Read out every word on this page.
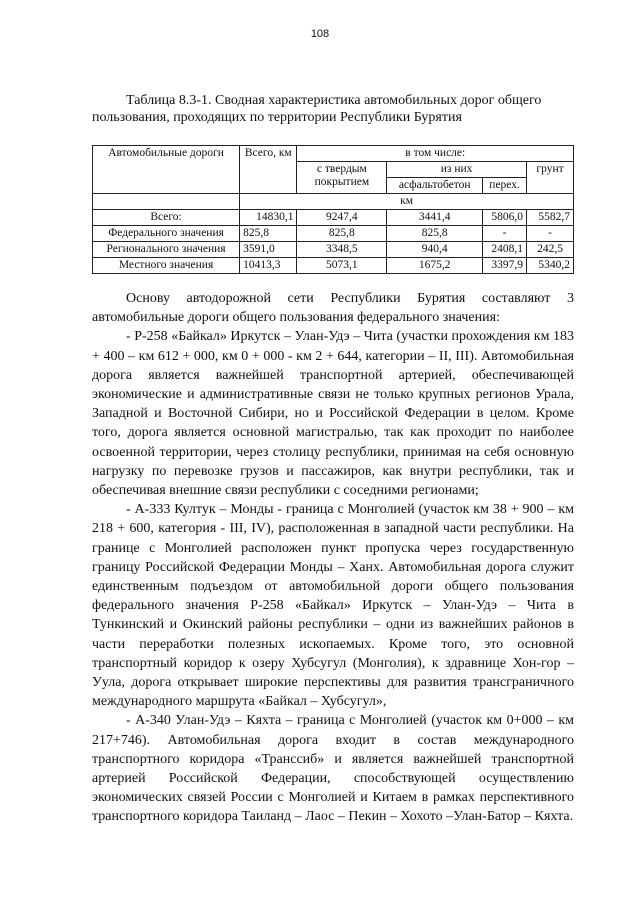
108

Таблица 8.3-1. Сводная характеристика автомобильных дорог общего пользования, проходящих по территории Республики Бурятия

Автомобильные дороги	Всего, км	в том числе:			
		с твердым покрытием	из них		грунт
			асфальтобетон	перех.	
	км				
Всего:	14830,1	9247,4	3441,4	5806,0	5582,7
Федерального значения	825,8	825,8	825,8	-	-
Регионального значения	3591,0	3348,5	940,4	2408,1	242,5
Местного значения	10413,3	5073,1	1675,2	3397,9	5340,2

Основу автодорожной сети Республики Бурятия составляют 3 автомобильные дороги общего пользования федерального значения:

- Р-258 «Байкал» Иркутск – Улан-Удэ – Чита (участки прохождения км 183 + 400 – км 612 + 000, км 0 + 000 - км 2 + 644, категории – II, III). Автомобильная дорога является важнейшей транспортной артерией, обеспечивающей экономические и административные связи не только крупных регионов Урала, Западной и Восточной Сибири, но и Российской Федерации в целом. Кроме того, дорога является основной магистралью, так как проходит по наиболее освоенной территории, через столицу республики, принимая на себя основную нагрузку по перевозке грузов и пассажиров, как внутри республики, так и обеспечивая внешние связи республики с соседними регионами;

- А-333 Култук – Монды - граница с Монголией (участок км 38 + 900 – км 218 + 600, категория - III, IV), расположенная в западной части республики. На границе с Монголией расположен пункт пропуска через государственную границу Российской Федерации Монды – Ханх. Автомобильная дорога служит единственным подъездом от автомобильной дороги общего пользования федерального значения Р-258 «Байкал» Иркутск – Улан-Удэ – Чита в Тункинский и Окинский районы республики – одни из важнейших районов в части переработки полезных ископаемых. Кроме того, это основной транспортный коридор к озеру Хубсугул (Монголия), к здравнице Хон-гор – Уула, дорога открывает широкие перспективы для развития трансграничного международного маршрута «Байкал – Хубсугул»,

- А-340 Улан-Удэ – Кяхта – граница с Монголией (участок км 0+000 – км 217+746). Автомобильная дорога входит в состав международного транспортного коридора «Транссиб» и является важнейшей транспортной артерией Российской Федерации, способствующей осуществлению экономических связей России с Монголией и Китаем в рамках перспективного транспортного коридора Таиланд – Лаос – Пекин – Хохото –Улан-Батор – Кяхта.
